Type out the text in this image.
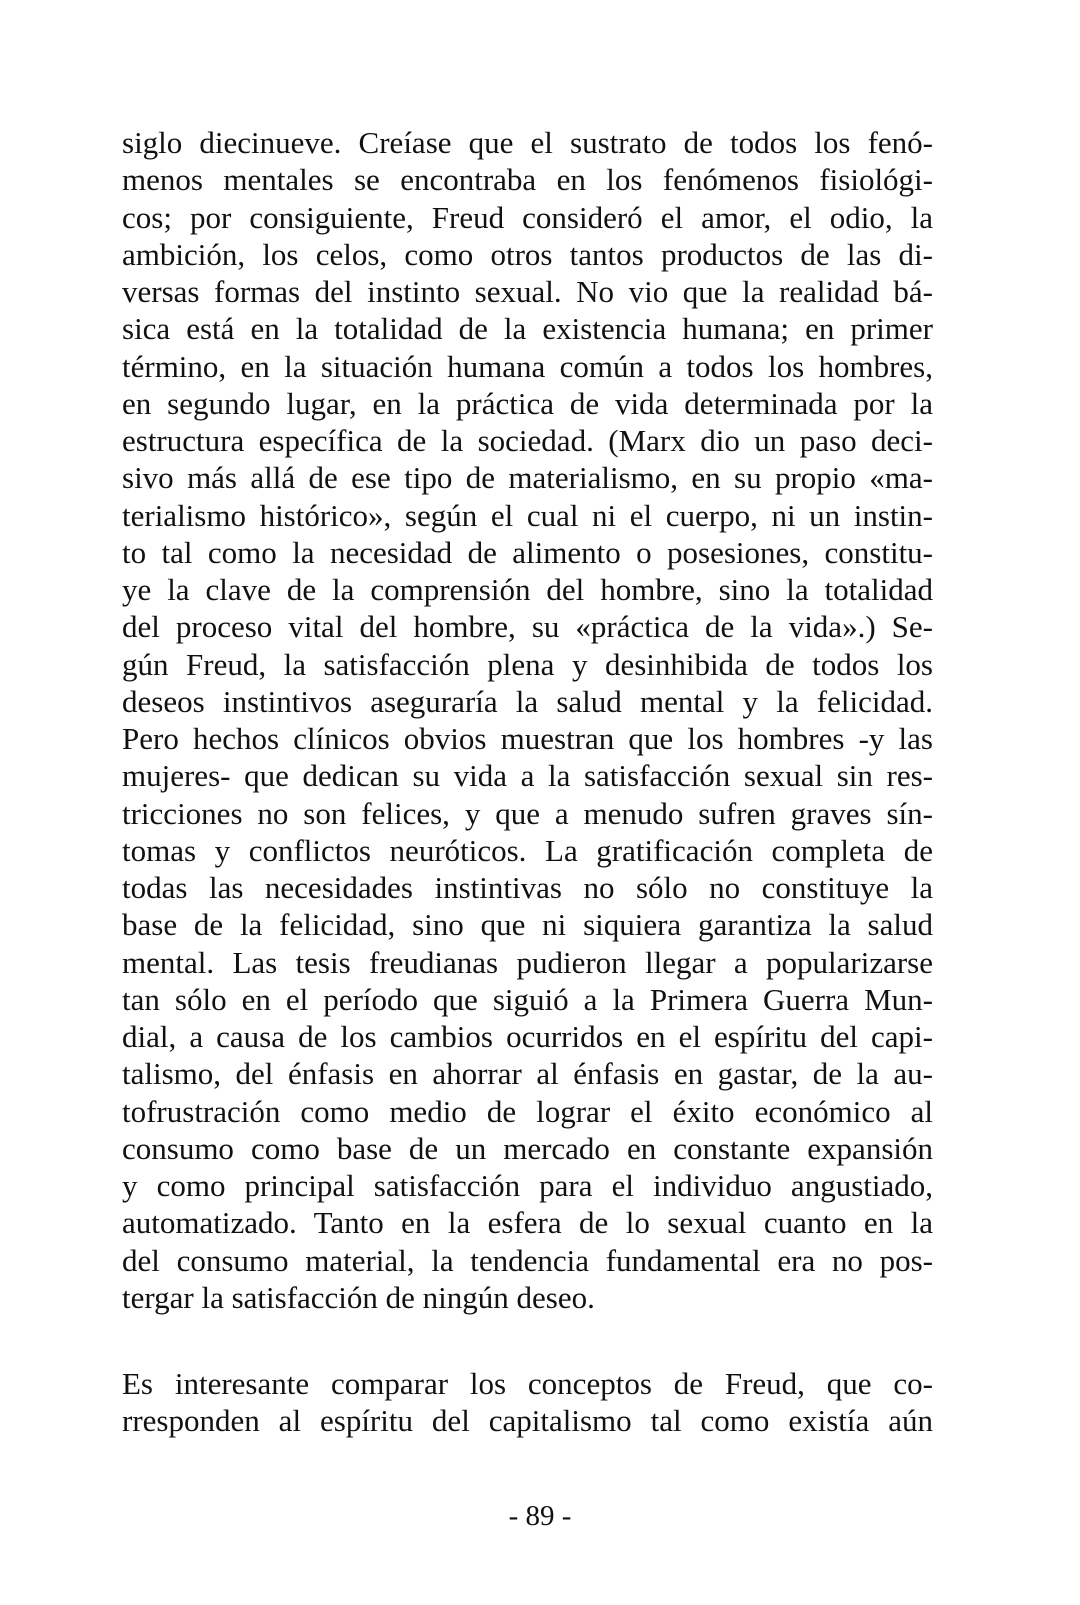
siglo diecinueve. Creíase que el sustrato de todos los fenó-
menos mentales se encontraba en los fenómenos fisiológi-
cos; por consiguiente, Freud consideró el amor, el odio, la
ambición, los celos, como otros tantos productos de las di-
versas formas del instinto sexual. No vio que la realidad bá-
sica está en la totalidad de la existencia humana; en primer
término, en la situación humana común a todos los hombres,
en segundo lugar, en la práctica de vida determinada por la
estructura específica de la sociedad. (Marx dio un paso deci-
sivo más allá de ese tipo de materialismo, en su propio «ma-
terialismo histórico», según el cual ni el cuerpo, ni un instin-
to tal como la necesidad de alimento o posesiones, constitu-
ye la clave de la comprensión del hombre, sino la totalidad
del proceso vital del hombre, su «práctica de la vida».) Se-
gún Freud, la satisfacción plena y desinhibida de todos los
deseos instintivos aseguraría la salud mental y la felicidad.
Pero hechos clínicos obvios muestran que los hombres -y las
mujeres- que dedican su vida a la satisfacción sexual sin res-
tricciones no son felices, y que a menudo sufren graves sín-
tomas y conflictos neuróticos. La gratificación completa de
todas las necesidades instintivas no sólo no constituye la
base de la felicidad, sino que ni siquiera garantiza la salud
mental. Las tesis freudianas pudieron llegar a popularizarse
tan sólo en el período que siguió a la Primera Guerra Mun-
dial, a causa de los cambios ocurridos en el espíritu del capi-
talismo, del énfasis en ahorrar al énfasis en gastar, de la au-
tofrustración como medio de lograr el éxito económico al
consumo como base de un mercado en constante expansión
y como principal satisfacción para el individuo angustiado,
automatizado. Tanto en la esfera de lo sexual cuanto en la
del consumo material, la tendencia fundamental era no pos-
tergar la satisfacción de ningún deseo.
Es interesante comparar los conceptos de Freud, que co-
rresponden al espíritu del capitalismo tal como existía aún
- 89 -
